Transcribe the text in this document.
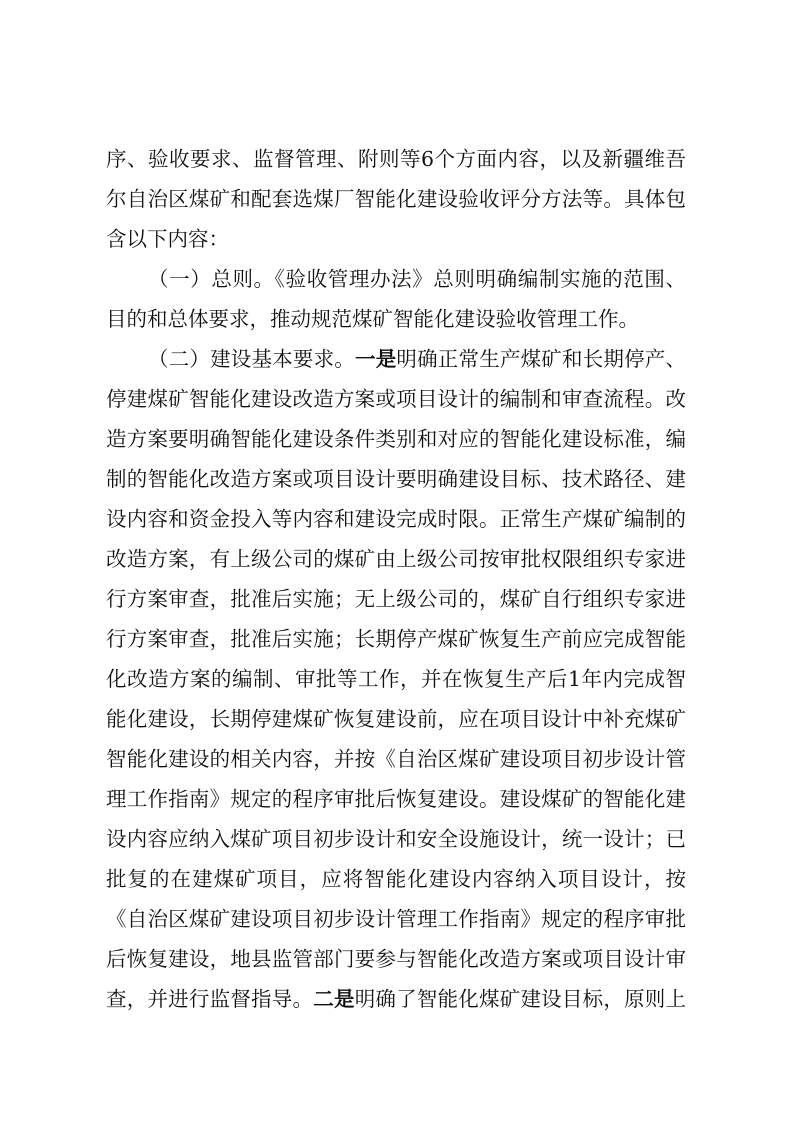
序、验收要求、监督管理、附则等6个方面内容，以及新疆维吾
尔自治区煤矿和配套选煤厂智能化建设验收评分方法等。具体包
含以下内容：
（一）总则。《验收管理办法》总则明确编制实施的范围、
目的和总体要求，推动规范煤矿智能化建设验收管理工作。
（二）建设基本要求。一是明确正常生产煤矿和长期停产、
停建煤矿智能化建设改造方案或项目设计的编制和审查流程。改
造方案要明确智能化建设条件类别和对应的智能化建设标准，编
制的智能化改造方案或项目设计要明确建设目标、技术路径、建
设内容和资金投入等内容和建设完成时限。正常生产煤矿编制的
改造方案，有上级公司的煤矿由上级公司按审批权限组织专家进
行方案审查，批准后实施；无上级公司的，煤矿自行组织专家进
行方案审查，批准后实施；长期停产煤矿恢复生产前应完成智能
化改造方案的编制、审批等工作，并在恢复生产后1年内完成智
能化建设，长期停建煤矿恢复建设前，应在项目设计中补充煤矿
智能化建设的相关内容，并按《自治区煤矿建设项目初步设计管
理工作指南》规定的程序审批后恢复建设。建设煤矿的智能化建
设内容应纳入煤矿项目初步设计和安全设施设计，统一设计；已
批复的在建煤矿项目，应将智能化建设内容纳入项目设计，按
《自治区煤矿建设项目初步设计管理工作指南》规定的程序审批
后恢复建设，地县监管部门要参与智能化改造方案或项目设计审
查，并进行监督指导。二是明确了智能化煤矿建设目标，原则上
